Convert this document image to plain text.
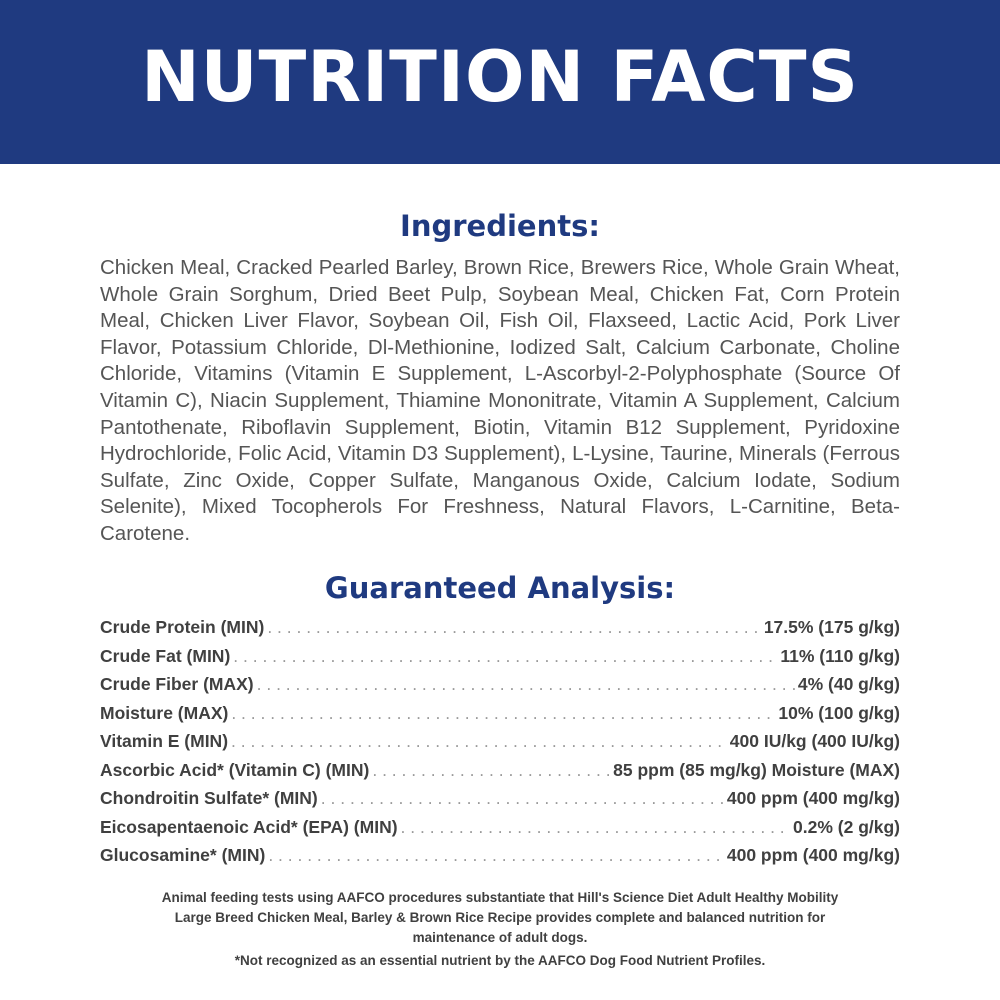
NUTRITION FACTS
Ingredients:
Chicken Meal, Cracked Pearled Barley, Brown Rice, Brewers Rice, Whole Grain Wheat, Whole Grain Sorghum, Dried Beet Pulp, Soybean Meal, Chicken Fat, Corn Protein Meal, Chicken Liver Flavor, Soybean Oil, Fish Oil, Flaxseed, Lactic Acid, Pork Liver Flavor, Potassium Chloride, Dl-Methionine, Iodized Salt, Calcium Carbonate, Choline Chloride, Vitamins (Vitamin E Supplement, L-Ascorbyl-2-Polyphosphate (Source Of Vitamin C), Niacin Supplement, Thiamine Mononitrate, Vitamin A Supplement, Calcium Pantothenate, Riboflavin Supplement, Biotin, Vitamin B12 Supplement, Pyridoxine Hydrochloride, Folic Acid, Vitamin D3 Supplement), L-Lysine, Taurine, Minerals (Ferrous Sulfate, Zinc Oxide, Copper Sulfate, Manganous Oxide, Calcium Iodate, Sodium Selenite), Mixed Tocopherols For Freshness, Natural Flavors, L-Carnitine, Beta-Carotene.
Guaranteed Analysis:
Crude Protein (MIN) . . .	17.5% (175 g/kg)
Crude Fat (MIN) . . .	11% (110 g/kg)
Crude Fiber (MAX) . . .	4% (40 g/kg)
Moisture (MAX) . . .	10% (100 g/kg)
Vitamin E (MIN) . . .	400 IU/kg (400 IU/kg)
Ascorbic Acid* (Vitamin C) (MIN) . . .	85 ppm (85 mg/kg) Moisture (MAX)
Chondroitin Sulfate* (MIN) . . .	400 ppm (400 mg/kg)
Eicosapentaenoic Acid* (EPA) (MIN) . . .	0.2% (2 g/kg)
Glucosamine* (MIN) . . .	400 ppm (400 mg/kg)
Animal feeding tests using AAFCO procedures substantiate that Hill's Science Diet Adult Healthy Mobility Large Breed Chicken Meal, Barley & Brown Rice Recipe provides complete and balanced nutrition for maintenance of adult dogs.
*Not recognized as an essential nutrient by the AAFCO Dog Food Nutrient Profiles.
